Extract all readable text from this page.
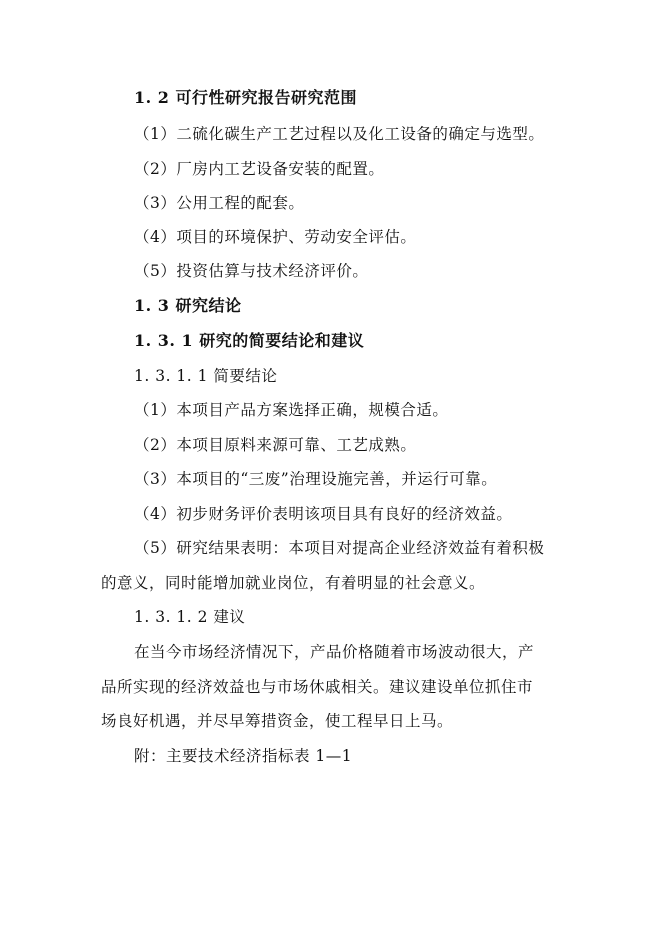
1. 2 可行性研究报告研究范围
（1）二硫化碳生产工艺过程以及化工设备的确定与选型。
（2）厂房内工艺设备安装的配置。
（3）公用工程的配套。
（4）项目的环境保护、劳动安全评估。
（5）投资估算与技术经济评价。
1. 3 研究结论
1. 3. 1 研究的简要结论和建议
1. 3. 1. 1 简要结论
（1）本项目产品方案选择正确，规模合适。
（2）本项目原料来源可靠、工艺成熟。
（3）本项目的“三废”治理设施完善，并运行可靠。
（4）初步财务评价表明该项目具有良好的经济效益。
（5）研究结果表明：本项目对提高企业经济效益有着积极
的意义，同时能增加就业岗位，有着明显的社会意义。
1. 3. 1. 2 建议
在当今市场经济情况下，产品价格随着市场波动很大，产
品所实现的经济效益也与市场休戚相关。建议建设单位抓住市
场良好机遇，并尽早筹措资金，使工程早日上马。
附：主要技术经济指标表 1—1
